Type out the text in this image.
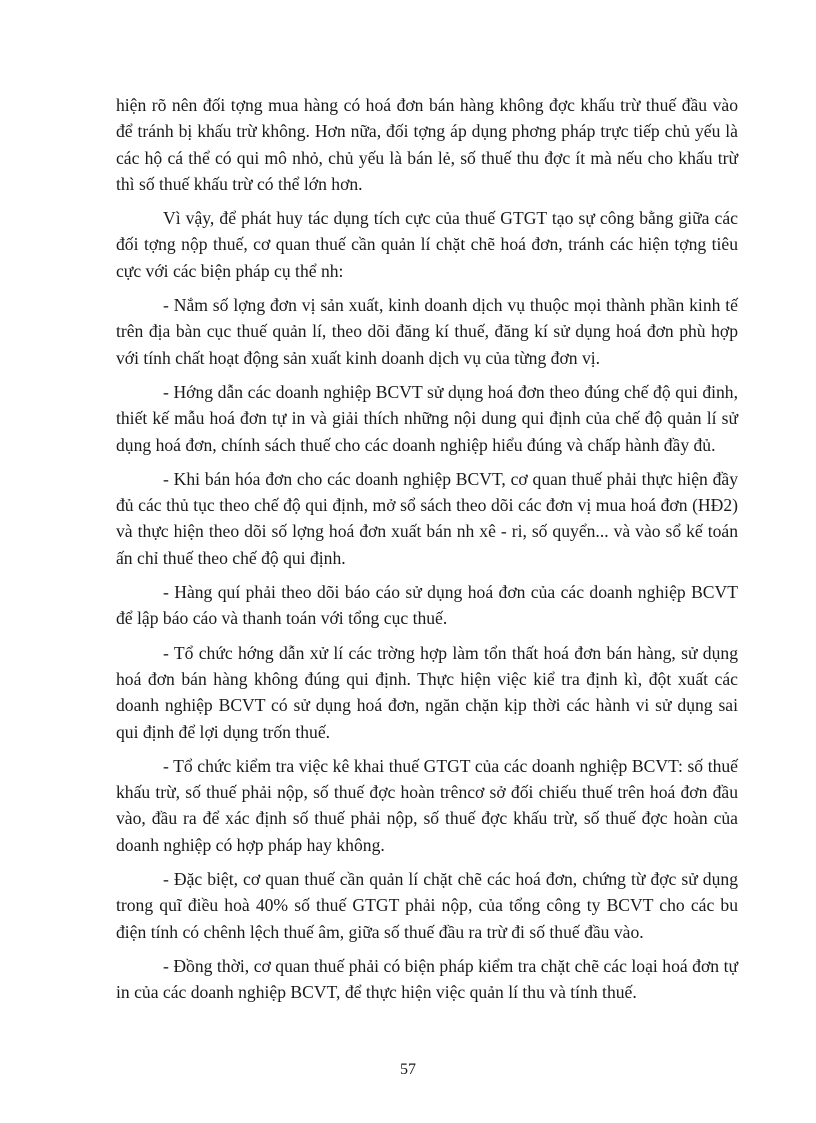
hiện rõ nên đối tợng mua hàng có hoá đơn bán hàng không đợc khấu trừ thuế đầu vào để tránh bị khấu trừ không. Hơn nữa, đối tợng áp dụng phơng pháp trực tiếp chủ yếu là các hộ cá thể có qui mô nhỏ, chủ yếu là bán lẻ, số thuế thu đợc ít mà nếu cho khấu trừ thì số thuế khấu trừ có thể lớn hơn.

Vì vậy, để phát huy tác dụng tích cực của thuế GTGT tạo sự công bằng giữa các đối tợng nộp thuế, cơ quan thuế cần quản lí chặt chẽ hoá đơn, tránh các hiện tợng tiêu cực với các biện pháp cụ thể nh:

- Nắm số lợng đơn vị sản xuất, kinh doanh dịch vụ thuộc mọi thành phần kinh tế trên địa bàn cục thuế quản lí, theo dõi đăng kí thuế, đăng kí sử dụng hoá đơn phù hợp với tính chất hoạt động sản xuất kinh doanh dịch vụ của từng đơn vị.

- Hớng dẫn các doanh nghiệp BCVT sử dụng hoá đơn theo đúng chế độ qui đinh, thiết kế mẫu hoá đơn tự in và giải thích những nội dung qui định của chế độ quản lí sử dụng hoá đơn, chính sách thuế cho các doanh nghiệp hiểu đúng và chấp hành đầy đủ.

- Khi bán hóa đơn cho các doanh nghiệp BCVT, cơ quan thuế phải thực hiện đầy đủ các thủ tục theo chế độ qui định, mở sổ sách theo dõi các đơn vị mua hoá đơn (HĐ2) và thực hiện theo dõi số lợng hoá đơn xuất bán nh xê - ri, số quyển... và vào sổ kế toán ấn chỉ thuế theo chế độ qui định.

- Hàng quí phải theo dõi báo cáo sử dụng hoá đơn của các doanh nghiệp BCVT để lập báo cáo và thanh toán với tổng cục thuế.

- Tổ chức hớng dẫn xử lí các trờng hợp làm tổn thất hoá đơn bán hàng, sử dụng hoá đơn bán hàng không đúng qui định. Thực hiện việc kiể tra định kì, đột xuất các doanh nghiệp BCVT có sử dụng hoá đơn, ngăn chặn kịp thời các hành vi sử dụng sai qui định để lợi dụng trốn thuế.

- Tổ chức kiểm tra việc kê khai thuế GTGT của các doanh nghiệp BCVT: số thuế khấu trừ, số thuế phải nộp, số thuế đợc hoàn trêncơ sở đối chiếu thuế trên hoá đơn đầu vào, đầu ra để xác định số thuế phải nộp, số thuế đợc khấu trừ, số thuế đợc hoàn của doanh nghiệp có hợp pháp hay không.

- Đặc biệt, cơ quan thuế cần quản lí chặt chẽ các hoá đơn, chứng từ đợc sử dụng trong quĩ điều hoà 40% số thuế GTGT phải nộp, của tổng công ty BCVT cho các bu điện tính có chênh lệch thuế âm, giữa số thuế đầu ra trừ đi số thuế đầu vào.

- Đồng thời, cơ quan thuế phải có biện pháp kiểm tra chặt chẽ các loại hoá đơn tự in của các doanh nghiệp BCVT, để thực hiện việc quản lí thu và tính thuế.

57
